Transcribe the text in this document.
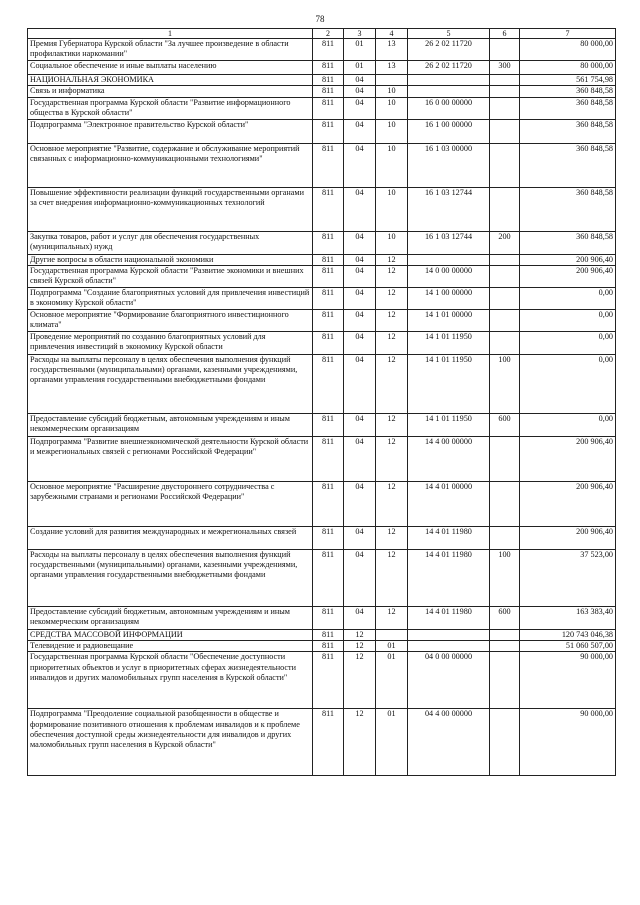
78
1	2	3	4	5	6	7
Премия Губернатора Курской области "За лучшее произведение в области профилактики наркомании"	811	01	13	26 2 02 11720		80 000,00
Социальное обеспечение и иные выплаты населению	811	01	13	26 2 02 11720	300	80 000,00
НАЦИОНАЛЬНАЯ ЭКОНОМИКА	811	04				561 754,98
Связь и информатика	811	04	10			360 848,58
Государственная программа Курской области "Развитие информационного общества в Курской области"	811	04	10	16 0 00 00000		360 848,58
Подпрограмма "Электронное правительство Курской области"	811	04	10	16 1 00 00000		360 848,58
Основное мероприятие "Развитие, содержание и обслуживание мероприятий связанных с информационно-коммуникационными технологиями"	811	04	10	16 1 03 00000		360 848,58
Повышение эффективности реализации функций государственными органами за счет внедрения информационно-коммуникационных технологий	811	04	10	16 1 03 12744		360 848,58
Закупка товаров, работ и услуг для обеспечения государственных (муниципальных) нужд	811	04	10	16 1 03 12744	200	360 848,58
Другие вопросы в области национальной экономики	811	04	12			200 906,40
Государственная программа Курской области "Развитие экономики и внешних связей Курской области"	811	04	12	14 0 00 00000		200 906,40
Подпрограмма "Создание благоприятных условий для привлечения инвестиций в экономику Курской области"	811	04	12	14 1 00 00000		0,00
Основное мероприятие "Формирование благоприятного инвестиционного климата"	811	04	12	14 1 01 00000		0,00
Проведение мероприятий по созданию благоприятных условий для привлечения инвестиций в экономику Курской области	811	04	12	14 1 01 11950		0,00
Расходы на выплаты персоналу в целях обеспечения выполнения функций государственными (муниципальными) органами, казенными учреждениями, органами управления государственными внебюджетными фондами	811	04	12	14 1 01 11950	100	0,00
Предоставление субсидий бюджетным, автономным учреждениям и иным некоммерческим организациям	811	04	12	14 1 01 11950	600	0,00
Подпрограмма "Развитие внешнеэкономической деятельности Курской области и межрегиональных связей с регионами Российской Федерации"	811	04	12	14 4 00 00000		200 906,40
Основное мероприятие "Расширение двустороннего сотрудничества с зарубежными странами и регионами Российской Федерации"	811	04	12	14 4 01 00000		200 906,40
Создание условий для развития международных и межрегиональных связей	811	04	12	14 4 01 11980		200 906,40
Расходы на выплаты персоналу в целях обеспечения выполнения функций государственными (муниципальными) органами, казенными учреждениями, органами управления государственными внебюджетными фондами	811	04	12	14 4 01 11980	100	37 523,00
Предоставление субсидий бюджетным, автономным учреждениям и иным некоммерческим организациям	811	04	12	14 4 01 11980	600	163 383,40
СРЕДСТВА МАССОВОЙ ИНФОРМАЦИИ	811	12				120 743 046,38
Телевидение и радиовещание	811	12	01			51 060 507,00
Государственная программа Курской области "Обеспечение доступности приоритетных объектов и услуг в приоритетных сферах жизнедеятельности инвалидов и других маломобильных групп населения в Курской области"	811	12	01	04 0 00 00000		90 000,00
Подпрограмма "Преодоление социальной разобщенности в обществе и формирование позитивного отношения к проблемам инвалидов и к проблеме обеспечения доступной среды жизнедеятельности для инвалидов и других маломобильных групп населения в Курской области"	811	12	01	04 4 00 00000		90 000,00
